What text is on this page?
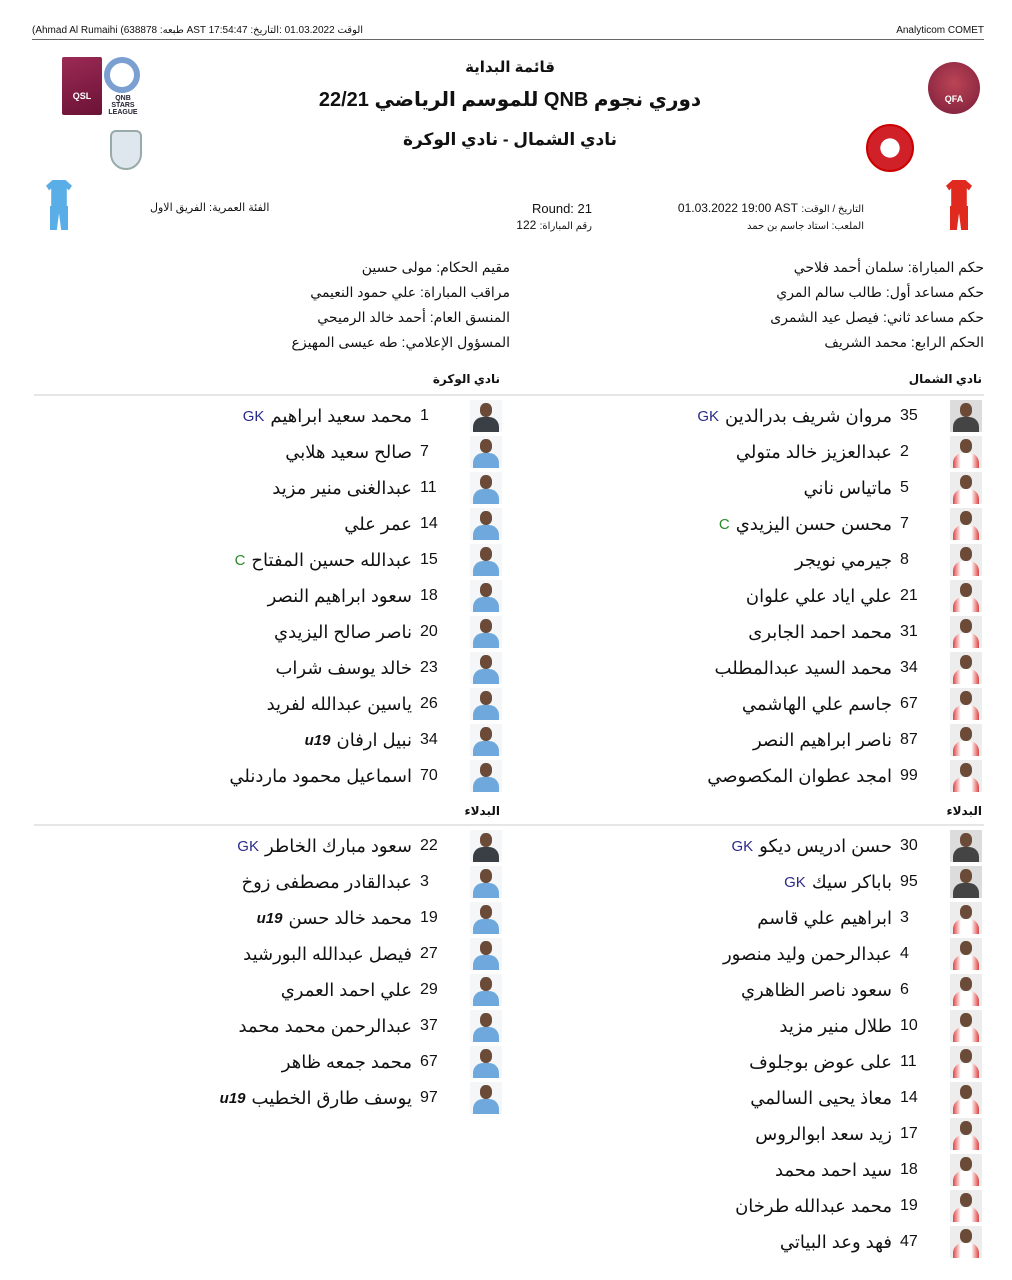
(Ahmad Al Rumaihi (638878 :طبعه AST 17:54:47 :الوقت 01.03.2022 :التاريخ	Analyticom COMET
QSL	QNB STARS LEAGUE
QFA
قائمة البداية
دوري نجوم QNB للموسم الرياضي 22/21
نادي الشمال - نادي الوكرة
التاريخ / الوقت: 01.03.2022 19:00 AST
الملعب: استاد جاسم بن حمد
Round: 21
رقم المباراة: 122
الفئة العمرية: الفريق الاول
حكم المباراة: سلمان أحمد فلاحي
حكم مساعد أول: طالب سالم المري
حكم مساعد ثاني: فيصل عيد الشمرى
الحكم الرابع: محمد الشريف
مقيم الحكام: مولى حسين
مراقب المباراة: علي حمود النعيمي
المنسق العام: أحمد خالد الرميحي
المسؤول الإعلامي: طه عيسى المهيزع
نادي الشمال
نادي الوكرة
35
مروان شريف بدرالدين
GK
2
عبدالعزيز خالد متولي
5
ماتياس ناني
7
محسن حسن اليزيدي
C
8
جيرمي نويجر
21
علي اياد علي علوان
31
محمد احمد الجابرى
34
محمد السيد عبدالمطلب
67
جاسم علي الهاشمي
87
ناصر ابراهيم النصر
99
امجد عطوان المكصوصي
1
محمد سعيد ابراهيم
GK
7
صالح سعيد هلابي
11
عبدالغنى منير مزيد
14
عمر علي
15
عبدالله حسين المفتاح
C
18
سعود ابراهيم النصر
20
ناصر صالح اليزيدي
23
خالد يوسف شراب
26
ياسين عبدالله لفريد
34
نبيل ارفان
u19
70
اسماعيل محمود ماردنلي
البدلاء
البدلاء
30
حسن ادريس ديكو
GK
95
باباكر سيك
GK
3
ابراهيم علي قاسم
4
عبدالرحمن وليد منصور
6
سعود ناصر الظاهري
10
طلال منير مزيد
11
على عوض بوجلوف
14
معاذ يحيى السالمي
17
زيد سعد ابوالروس
18
سيد احمد محمد
19
محمد عبدالله طرخان
47
فهد وعد البياتي
22
سعود مبارك الخاطر
GK
3
عبدالقادر مصطفى زوخ
19
محمد خالد حسن
u19
27
فيصل عبدالله البورشيد
29
علي احمد العمري
37
عبدالرحمن محمد محمد
67
محمد جمعه ظاهر
97
يوسف طارق الخطيب
u19
